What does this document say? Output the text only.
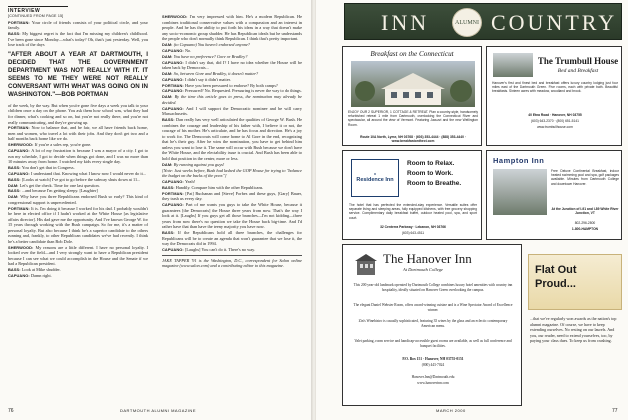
INTERVIEW

[CONTINUED FROM PAGE 15]

PORTMAN: Your circle of friends consists of your political circle, and your family.

BASS: My biggest regret is the fact that I'm missing my children's childhood. I've been gone since Monday—what's today? Oh, that's just yesterday. Well, you lose track of the days

"AFTER ABOUT A YEAR AT DARTMOUTH, I DECIDED THAT THE GOVERNMENT DEPARTMENT WAS NOT REALLY WITH IT. IT SEEMS TO ME THEY WERE NOT REALLY CONVERSANT WITH WHAT WAS GOING ON IN WASHINGTON."—BOB PORTMAN

of the week, by the way. But when you're gone five days a week you talk to your children once a day on the phone. You ask them how school was, what they had for dinner, what's cooking and so on, but you're not really there, and you're not really communicating, and they're growing up.

PORTMAN: Now to balance that, and be fair, we all have friends back home, men and women, who travel a lot with their jobs. And they don't get two and a half months back home like we do.

SHERWOOD: If you're a sales rep, you're gone.

CAPUANO: A lot of my frustration is because I was a mayor of a city. I got to run my schedule, I got to decide when things got done, and I was no more than 10 minutes away from home. I watched my kids every single day.

BASS: You don't get that in Congress.

CAPUANO: I understand that. Knowing what I know now I would never do it...

BASS: [Looks at watch] I've got to go before the subway shuts down at 11...

DAM: Let's get the check. Time for one last question.

BASS: ...and because I'm getting sleepy. [Laughter]

DAM: Why have you three Republicans endorsed Bush so early? This kind of congressional support is unprecedented.

PORTMAN: It is. I'm doing it because I worked for his dad. I probably wouldn't be here in elected office if I hadn't worked at the White House [as legislative affairs director]. His dad gave me the opportunity. And I've known George W. for 15 years through working with the Bush campaign. So for me, it's a matter of personal loyalty. But also because I think he's a superior candidate to the others running and, frankly, to other Republican candidates we've had recently. I think he's a better candidate than Bob Dole.

SHERWOOD: My reasons are a little different. I have no personal loyalty. I looked over the field—and I very strongly want to have a Republican president because I can see what we could accomplish in the House and the Senate if we had a Republican president.

BASS: Look at Mike shudder.

CAPUANO: Damn right.

SHERWOOD: I'm very impressed with him. He's a modern Republican. He combines traditional conservative values with a compassion and an interest in people. And he has the ability to put forth his ideas in a way that doesn't make any socio-economic group shudder. He has Republican ideals but he understands the people who don't normally think Republican. I think that's pretty important.

DAM: (to Capuano) You haven't endorsed anyone?

CAPUANO: No.

DAM: You have no preference? Gore or Bradley?

CAPUANO: I didn't say that, did I? I have no idea whether the House will be taken back by Democrats...

DAM: So, between Gore and Bradley, it doesn't matter?

CAPUANO: I didn't say it didn't matter.

PORTMAN: Have you been pressured to endorse? By both camps?

CAPUANO: Pressured? No. Requested. Pressuring is never the way to do things.

DAM: By the time this article goes to press, the nomination may already be decided.

CAPUANO: And I will support the Democratic nominee and be will carry Massachusetts.

BASS: Dan really has very well articulated the qualities of George W. Bush. He combines the courage and leadership of his father with, I believe it or not, the courage of his mother. He's articulate, and he has focus and direction. He's a joy to work for. The Democrats will come home to Al Gore in the end, recognizing that he's their guy. After he wins the nomination, you have to get behind him unless you want to lose it. The same will occur with Bush because we don't have the White House, and the electability issue is crucial. And Bush has been able to hold that position in the center, more or less.

DAM: By running against you guys!

[Note: Just weeks before, Bush had lashed the GOP House for trying to "balance the budget on the backs of the poor."]

CAPUANO: Yeah!

BASS: Handily. Compare him with the other Republicans.

PORTMAN: [Pat] Buchanan and [Steve] Forbes and these guys, [Gary] Bauer, they trash us every day.

CAPUANO: Part of me wants you guys to take the White House, because it guarantees [the Democrats] the House three years from now. That's the way I look at it. [Laughs] If you guys get all those branches—I'm not kidding—three years from now there's no question we take the House back big-time. And I'd rather have that than have the teeny majority you have now.

BASS: If the Republicans hold all three branches, the challenges for Republicans will be to create an agenda that won't guarantee that we lose it, the way the Democrats did in 1994.

CAPUANO: [Laughs] You can't do it. There's no way.

JAKE TAPPER '91 is the Washington, D.C., correspondent for Salon online magazine (www.salon.com) and a contributing editor to this magazine.

76	DARTMOUTH ALUMNI MAGAZINE
INN	ALUMNI COUNTRY
Breakfast on the Connecticut
ENJOY OUR 2 SUPERIOR, 1 COTTAGE & RETREAT. Plan a country-style, handsomely refurbished retreat 1 mile from Dartmouth, overlooking the Connecticut River and spectacular, all around the view of Vermont. Featuring Jacuzzi and the new Wellington Room.
Route 10A North, Lyme, NH 03768 · (603) 353-4444 · (888) 353-4440 · www.breakfastonthect.com
The Trumbull House
Bed and Breakfast
Hanover's first and finest bed and breakfast offers luxury country lodging just four miles east of the Dartmouth Green. Five rooms, each with private bath. Beautiful breakfasts. Sixteen acres with meadow, woodland and brook.
40 Etna Road · Hanover, NH 03755
(603) 643-2370 · (800) 651-5141
www.trumbullhouse.com
M
Residence Inn
Room to Relax.
Room to Work.
Room to Breathe.
The hotel that has perfected the extended-stay experience. Versatile suites offer separate living and sleeping areas, fully equipped kitchens, with free grocery shopping service. Complimentary daily breakfast buffet, outdoor heated pool, spa, and sport court.
32 Centerra Parkway · Lebanon, NH 03766
(603) 643-4511
Hampton Inn
Free Deluxe Continental Breakfast, indoor heated swimming pool and spa, golf packages available. Minutes from Dartmouth College and downtown Hanover.
At the Junction of I-91 and I-89 White River Junction, VT
802-296-2800
1-800-HAMPTON
The Hanover Inn
At Dartmouth College
This 200 year-old landmark operated by Dartmouth College combines luxury hotel amenities with country inn hospitality, ideally situated on Hanover Green overlooking the campus.
The elegant Daniel Webster Room, offers award-winning cuisine and is a Wine Spectator Award of Excellence winner.
Zin's Winebistro is casually sophisticated, featuring 35 wines by the glass and an eclectic contemporary American menu.
Valet parking, room service and handicap-accessible guest rooms are available, as well as full conference and banquet facilities.
P.O. Box 151 · Hanover, NH 03755-0151
(800) 443-7024
Hanover.Inn@Dartmouth.edu
www.hanoverinn.com
Flat Out Proud...
...that we've regularly won awards as the nation's top alumni magazine. Of course, we have to keep extending ourselves. No resting on our laurels. And you, our reader, need to extend yourselves, too, by paying your class dues. To keep us from crashing.
MARCH 2000	77
